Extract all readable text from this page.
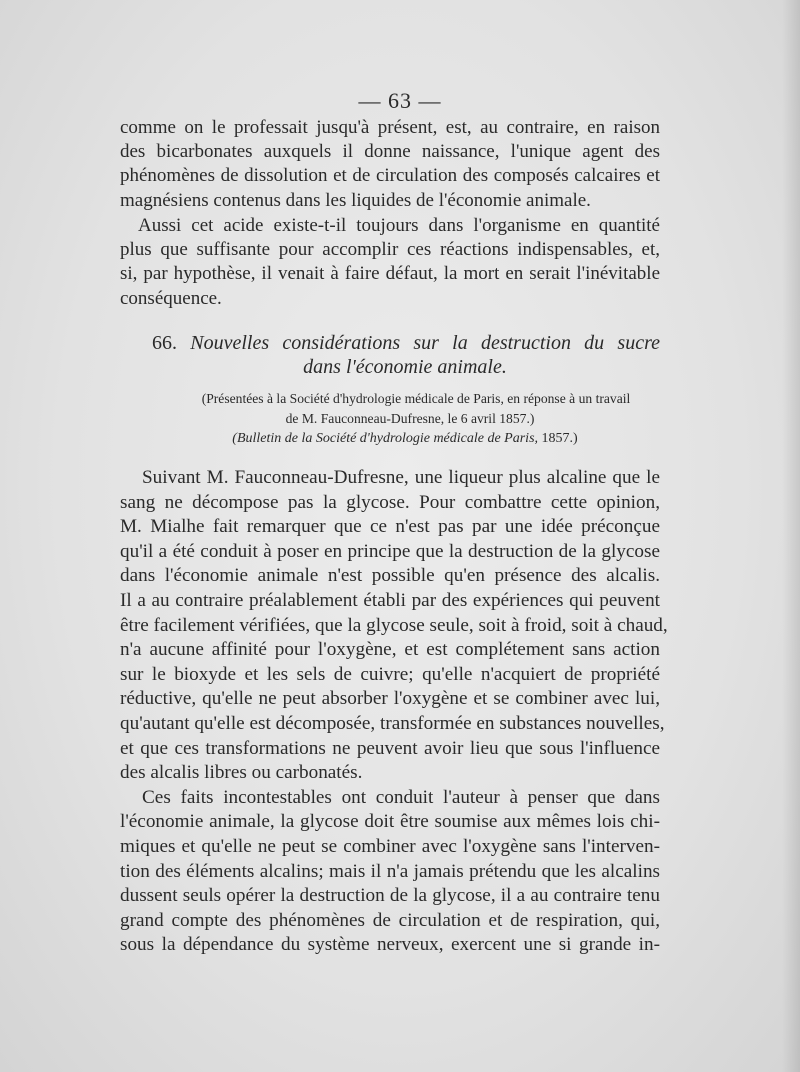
— 63 —
comme on le professait jusqu'à présent, est, au contraire, en raison
des bicarbonates auxquels il donne naissance, l'unique agent des
phénomènes de dissolution et de circulation des composés calcaires et
magnésiens contenus dans les liquides de l'économie animale.
Aussi cet acide existe-t-il toujours dans l'organisme en quantité
plus que suffisante pour accomplir ces réactions indispensables, et,
si, par hypothèse, il venait à faire défaut, la mort en serait l'inévitable
conséquence.
66. Nouvelles considérations sur la destruction du sucre
dans l'économie animale.
(Présentées à la Société d'hydrologie médicale de Paris, en réponse à un travail
de M. Fauconneau-Dufresne, le 6 avril 1857.)
(Bulletin de la Société d'hydrologie médicale de Paris, 1857.)
Suivant M. Fauconneau-Dufresne, une liqueur plus alcaline que le
sang ne décompose pas la glycose. Pour combattre cette opinion,
M. Mialhe fait remarquer que ce n'est pas par une idée préconçue
qu'il a été conduit à poser en principe que la destruction de la glycose
dans l'économie animale n'est possible qu'en présence des alcalis.
Il a au contraire préalablement établi par des expériences qui peuvent
être facilement vérifiées, que la glycose seule, soit à froid, soit à chaud,
n'a aucune affinité pour l'oxygène, et est complétement sans action
sur le bioxyde et les sels de cuivre; qu'elle n'acquiert de propriété
réductive, qu'elle ne peut absorber l'oxygène et se combiner avec lui,
qu'autant qu'elle est décomposée, transformée en substances nouvelles,
et que ces transformations ne peuvent avoir lieu que sous l'influence
des alcalis libres ou carbonatés.
Ces faits incontestables ont conduit l'auteur à penser que dans
l'économie animale, la glycose doit être soumise aux mêmes lois chi-
miques et qu'elle ne peut se combiner avec l'oxygène sans l'interven-
tion des éléments alcalins; mais il n'a jamais prétendu que les alcalins
dussent seuls opérer la destruction de la glycose, il a au contraire tenu
grand compte des phénomènes de circulation et de respiration, qui,
sous la dépendance du système nerveux, exercent une si grande in-
